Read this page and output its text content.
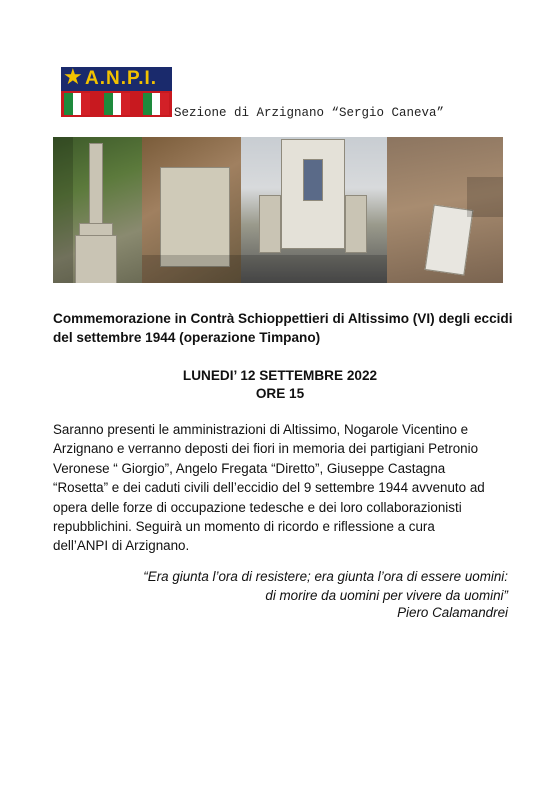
★ A.N.P.I.
Sezione di Arzignano “Sergio Caneva”
Commemorazione in Contrà Schioppettieri di Altissimo (VI) degli eccidi del settembre 1944 (operazione Timpano)
LUNEDI’ 12 SETTEMBRE 2022
ORE 15
Saranno presenti le amministrazioni di Altissimo, Nogarole Vicentino e
Arzignano e verranno deposti dei fiori in memoria dei partigiani Petronio
Veronese “ Giorgio”, Angelo Fregata “Diretto”, Giuseppe Castagna
“Rosetta” e dei caduti civili dell’eccidio del 9 settembre 1944 avvenuto ad
opera delle forze di occupazione tedesche e dei loro collaborazionisti
repubblichini. Seguirà un momento di ricordo e riflessione a cura
dell’ANPI di Arzignano.
“Era giunta l’ora di resistere; era giunta l’ora di essere uomini:
di morire da uomini per vivere da uomini”
Piero Calamandrei
